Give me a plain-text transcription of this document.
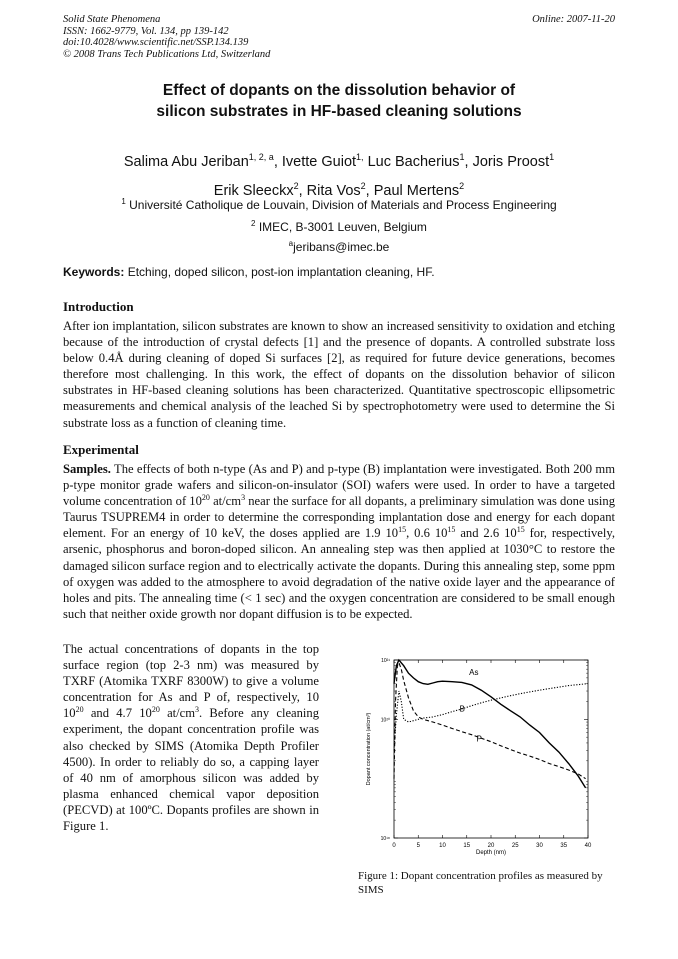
Solid State Phenomena
ISSN: 1662-9779, Vol. 134, pp 139-142
doi:10.4028/www.scientific.net/SSP.134.139
© 2008 Trans Tech Publications Ltd, Switzerland
Online: 2007-11-20
Effect of dopants on the dissolution behavior of
silicon substrates in HF-based cleaning solutions
Salima Abu Jeriban$^{1, 2, a}$, Ivette Guiot$^{1,}$ Luc Bacherius$^1$, Joris Proost$^1$
Erik Sleeckx$^2$, Rita Vos$^2$, Paul Mertens$^2$
$^1$ Université Catholique de Louvain, Division of Materials and Process Engineering
$^2$ IMEC, B-3001 Leuven, Belgium
$^a$jeribans@imec.be
Keywords: Etching, doped silicon, post-ion implantation cleaning, HF.
Introduction
After ion implantation, silicon substrates are known to show an increased sensitivity to oxidation and etching because of the introduction of crystal defects [1] and the presence of dopants. A controlled substrate loss below 0.4Å during cleaning of doped Si surfaces [2], as required for future device generations, becomes therefore most challenging. In this work, the effect of dopants on the dissolution behavior of silicon substrates in HF-based cleaning solutions has been characterized. Quantitative spectroscopic ellipsometric measurements and chemical analysis of the leached Si by spectrophotometry were used to determine the Si substrate loss as a function of cleaning time.
Experimental
Samples. The effects of both n-type (As and P) and p-type (B) implantation were investigated. Both 200 mm p-type monitor grade wafers and silicon-on-insulator (SOI) wafers were used. In order to have a targeted volume concentration of $10^{20}$ $at/cm^3$ near the surface for all dopants, a preliminary simulation was done using Taurus TSUPREM4 in order to determine the corresponding implantation dose and energy for each dopant element. For an energy of 10 keV, the doses applied are 1.9 $10^{15}$, 0.6 $10^{15}$ and 2.6 $10^{15}$ for, respectively, arsenic, phosphorus and boron-doped silicon. An annealing step was then applied at 1030°C to restore the damaged silicon surface region and to electrically activate the dopants. During this annealing step, some ppm of oxygen was added to the atmosphere to avoid degradation of the native oxide layer and the appearance of holes and pits. The annealing time (< 1 sec) and the oxygen concentration are considered to be small enough such that neither oxide growth nor dopant diffusion is to be expected.
The actual concentrations of dopants in the top surface region (top 2-3 nm) was measured by TXRF (Atomika TXRF 8300W) to give a volume concentration for As and P of, respectively, 10 $10^{20}$ and 4.7 $10^{20}$ $at/cm^3$. Before any cleaning experiment, the dopant concentration profile was also checked by SIMS (Atomika Depth Profiler 4500). In order to reliably do so, a capping layer of 40 nm of amorphous silicon was added by plasma enhanced chemical vapor deposition (PECVD) at 100ºC. Dopants profiles are shown in Figure 1.
0	5	10	15	20	25	30	35	40
10¹⁸
10²⁰
10²¹
Depth (nm)
Dopant concentration (at/cm³)
As
B
P
Figure 1: Dopant concentration profiles as measured by SIMS
